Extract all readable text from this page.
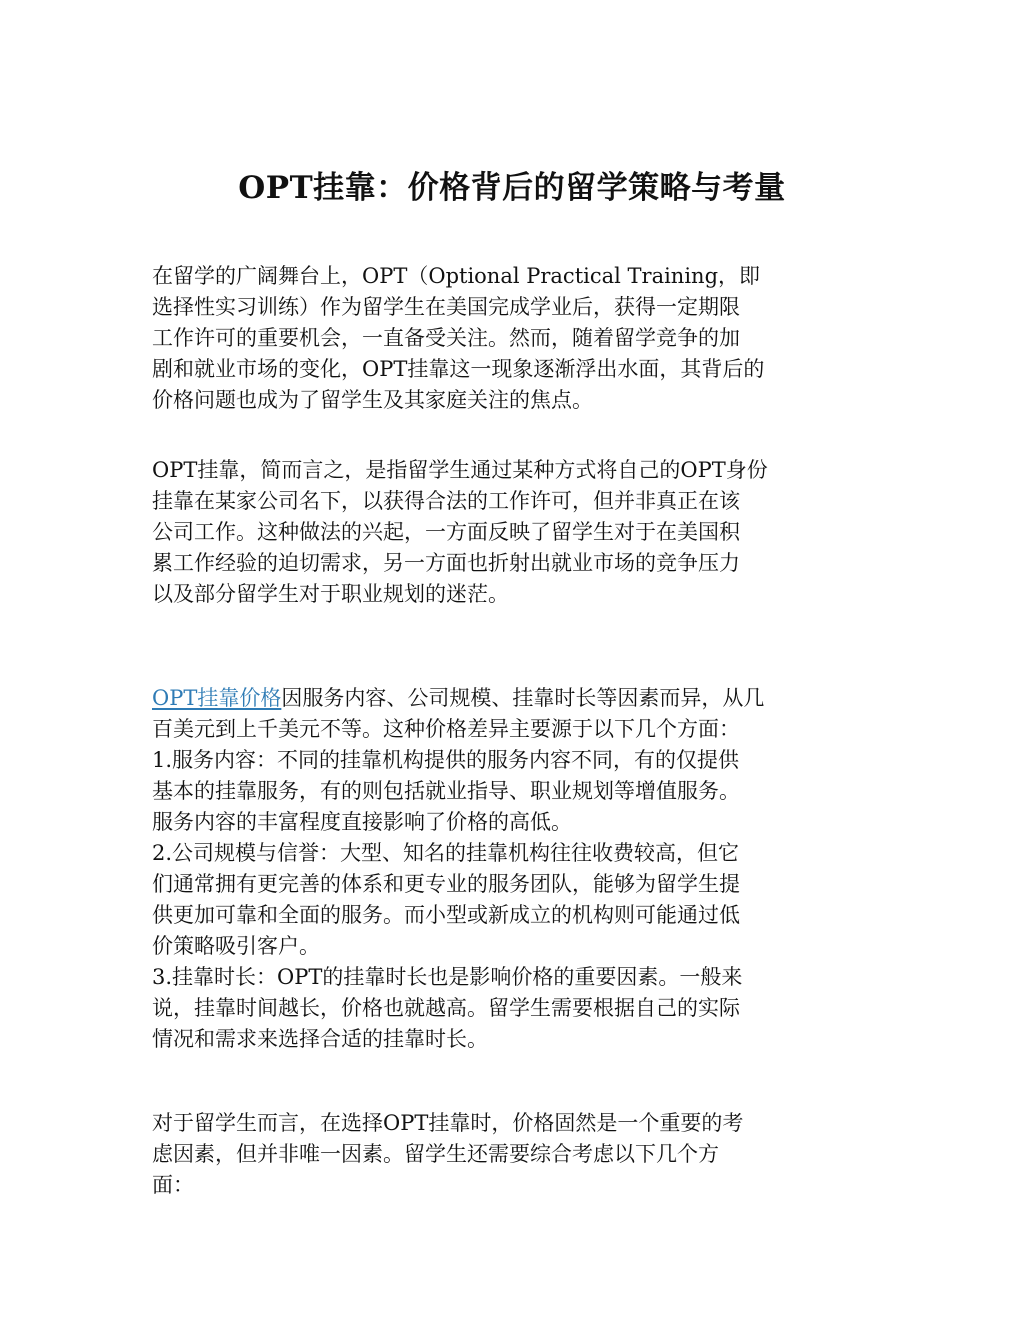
OPT挂靠：价格背后的留学策略与考量
在留学的广阔舞台上，OPT（Optional Practical Training，即
选择性实习训练）作为留学生在美国完成学业后，获得一定期限
工作许可的重要机会，一直备受关注。然而，随着留学竞争的加
剧和就业市场的变化，OPT挂靠这一现象逐渐浮出水面，其背后的
价格问题也成为了留学生及其家庭关注的焦点。
OPT挂靠，简而言之，是指留学生通过某种方式将自己的OPT身份
挂靠在某家公司名下，以获得合法的工作许可，但并非真正在该
公司工作。这种做法的兴起，一方面反映了留学生对于在美国积
累工作经验的迫切需求，另一方面也折射出就业市场的竞争压力
以及部分留学生对于职业规划的迷茫。
OPT挂靠价格因服务内容、公司规模、挂靠时长等因素而异，从几
百美元到上千美元不等。这种价格差异主要源于以下几个方面：
1.服务内容：不同的挂靠机构提供的服务内容不同，有的仅提供
基本的挂靠服务，有的则包括就业指导、职业规划等增值服务。
服务内容的丰富程度直接影响了价格的高低。
2.公司规模与信誉：大型、知名的挂靠机构往往收费较高，但它
们通常拥有更完善的体系和更专业的服务团队，能够为留学生提
供更加可靠和全面的服务。而小型或新成立的机构则可能通过低
价策略吸引客户。
3.挂靠时长：OPT的挂靠时长也是影响价格的重要因素。一般来
说，挂靠时间越长，价格也就越高。留学生需要根据自己的实际
情况和需求来选择合适的挂靠时长。
对于留学生而言，在选择OPT挂靠时，价格固然是一个重要的考
虑因素，但并非唯一因素。留学生还需要综合考虑以下几个方
面：
